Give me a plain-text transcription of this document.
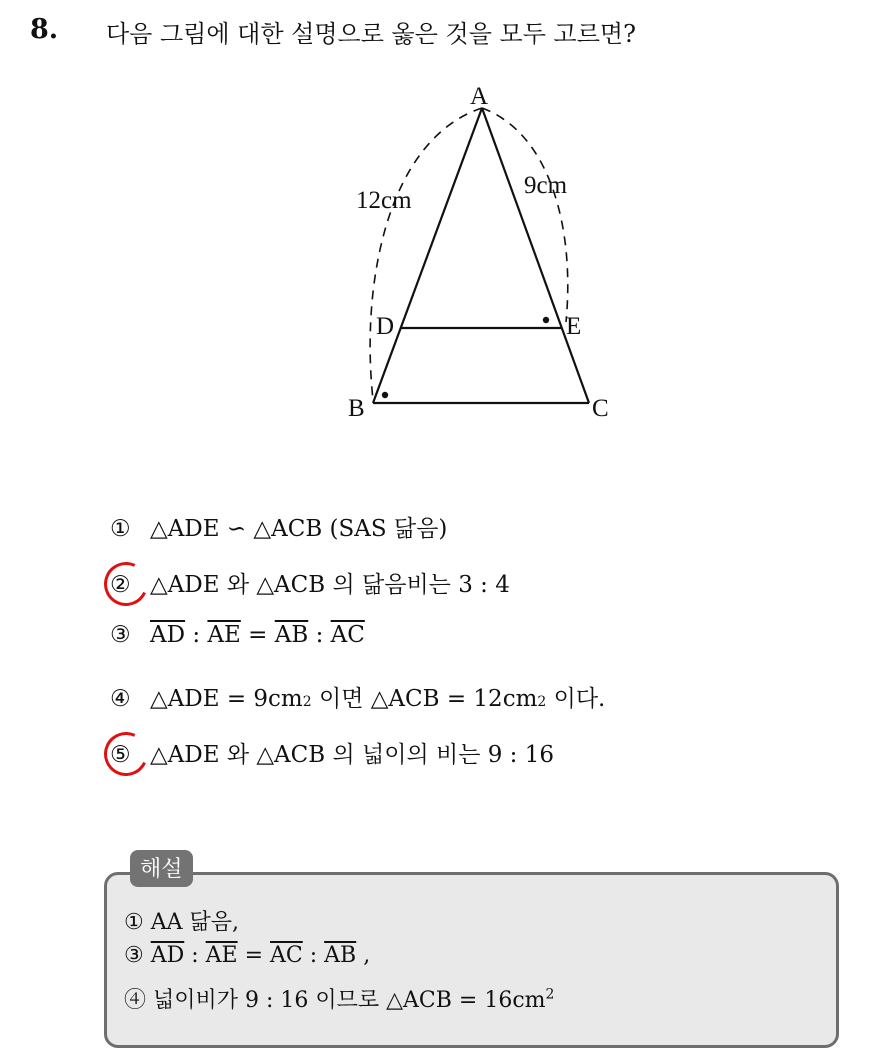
8. 다음 그림에 대한 설명으로 옳은 것을 모두 고르면?
A
B	C
D	E
12cm
9cm
① △ADE ∽ △ACB (SAS 닮음)
② △ADE 와 △ACB 의 닮음비는 3 : 4
③ $\overline{AD}$ : $\overline{AE} = \overline{AB}$ : $\overline{AC}$
④ △ADE = 9cm 2 이면 △ACB = $12cm_2$ 이다.
⑤ △ADE 와 △ACB 의 넓이의 비는 9 : 16
해설
① AA 닮음,
③ $\overline{AD}$ : $\overline{AE} = \overline{AC}$ : $\overline{AB}$ ,
④ 넓이비가 9 : 16 이므로 △ACB = $16cm^2$
